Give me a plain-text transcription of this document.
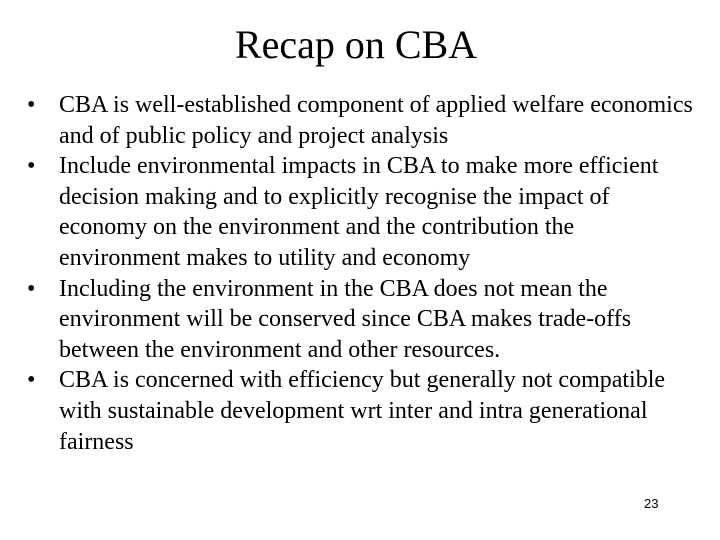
Recap on CBA
• CBA is well-established component of applied welfare economics and of public policy and project analysis
• Include environmental impacts in CBA to make more efficient decision making and to explicitly recognise the impact of economy on the environment and the contribution the environment makes to utility and economy
• Including the environment in the CBA does not mean the environment will be conserved since CBA makes trade-offs between the environment and other resources.
• CBA is concerned with efficiency but generally not compatible with sustainable development wrt inter and intra generational fairness
23
